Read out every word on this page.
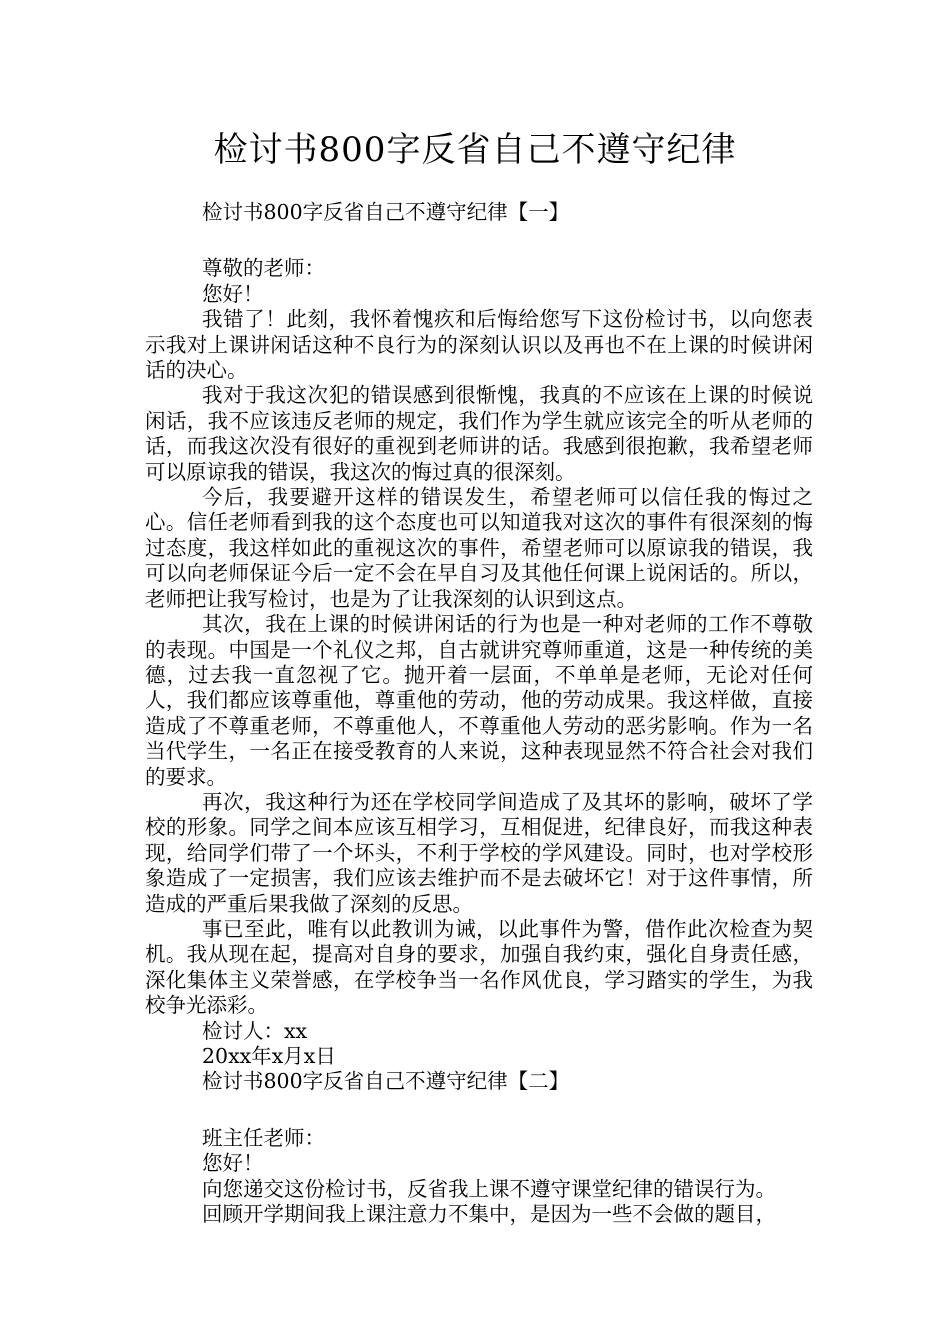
检讨书800字反省自己不遵守纪律

检讨书800字反省自己不遵守纪律【一】

尊敬的老师：

您好！

我错了！此刻，我怀着愧疚和后悔给您写下这份检讨书，以向您表示我对上课讲闲话这种不良行为的深刻认识以及再也不在上课的时候讲闲话的决心。

我对于我这次犯的错误感到很惭愧，我真的不应该在上课的时候说闲话，我不应该违反老师的规定，我们作为学生就应该完全的听从老师的话，而我这次没有很好的重视到老师讲的话。我感到很抱歉，我希望老师可以原谅我的错误，我这次的悔过真的很深刻。

今后，我要避开这样的错误发生，希望老师可以信任我的悔过之心。信任老师看到我的这个态度也可以知道我对这次的事件有很深刻的悔过态度，我这样如此的重视这次的事件，希望老师可以原谅我的错误，我可以向老师保证今后一定不会在早自习及其他任何课上说闲话的。所以，老师把让我写检讨，也是为了让我深刻的认识到这点。

其次，我在上课的时候讲闲话的行为也是一种对老师的工作不尊敬的表现。中国是一个礼仪之邦，自古就讲究尊师重道，这是一种传统的美德，过去我一直忽视了它。抛开着一层面，不单单是老师，无论对任何人，我们都应该尊重他，尊重他的劳动，他的劳动成果。我这样做，直接造成了不尊重老师，不尊重他人，不尊重他人劳动的恶劣影响。作为一名当代学生，一名正在接受教育的人来说，这种表现显然不符合社会对我们的要求。

再次，我这种行为还在学校同学间造成了及其坏的影响，破坏了学校的形象。同学之间本应该互相学习，互相促进，纪律良好，而我这种表现，给同学们带了一个坏头，不利于学校的学风建设。同时，也对学校形象造成了一定损害，我们应该去维护而不是去破坏它！对于这件事情，所造成的严重后果我做了深刻的反思。

事已至此，唯有以此教训为诫，以此事件为警，借作此次检查为契机。我从现在起，提高对自身的要求，加强自我约束，强化自身责任感，深化集体主义荣誉感，在学校争当一名作风优良，学习踏实的学生，为我校争光添彩。

检讨人：xx

20xx年x月x日

检讨书800字反省自己不遵守纪律【二】

班主任老师：

您好！

向您递交这份检讨书，反省我上课不遵守课堂纪律的错误行为。

回顾开学期间我上课注意力不集中，是因为一些不会做的题目，
